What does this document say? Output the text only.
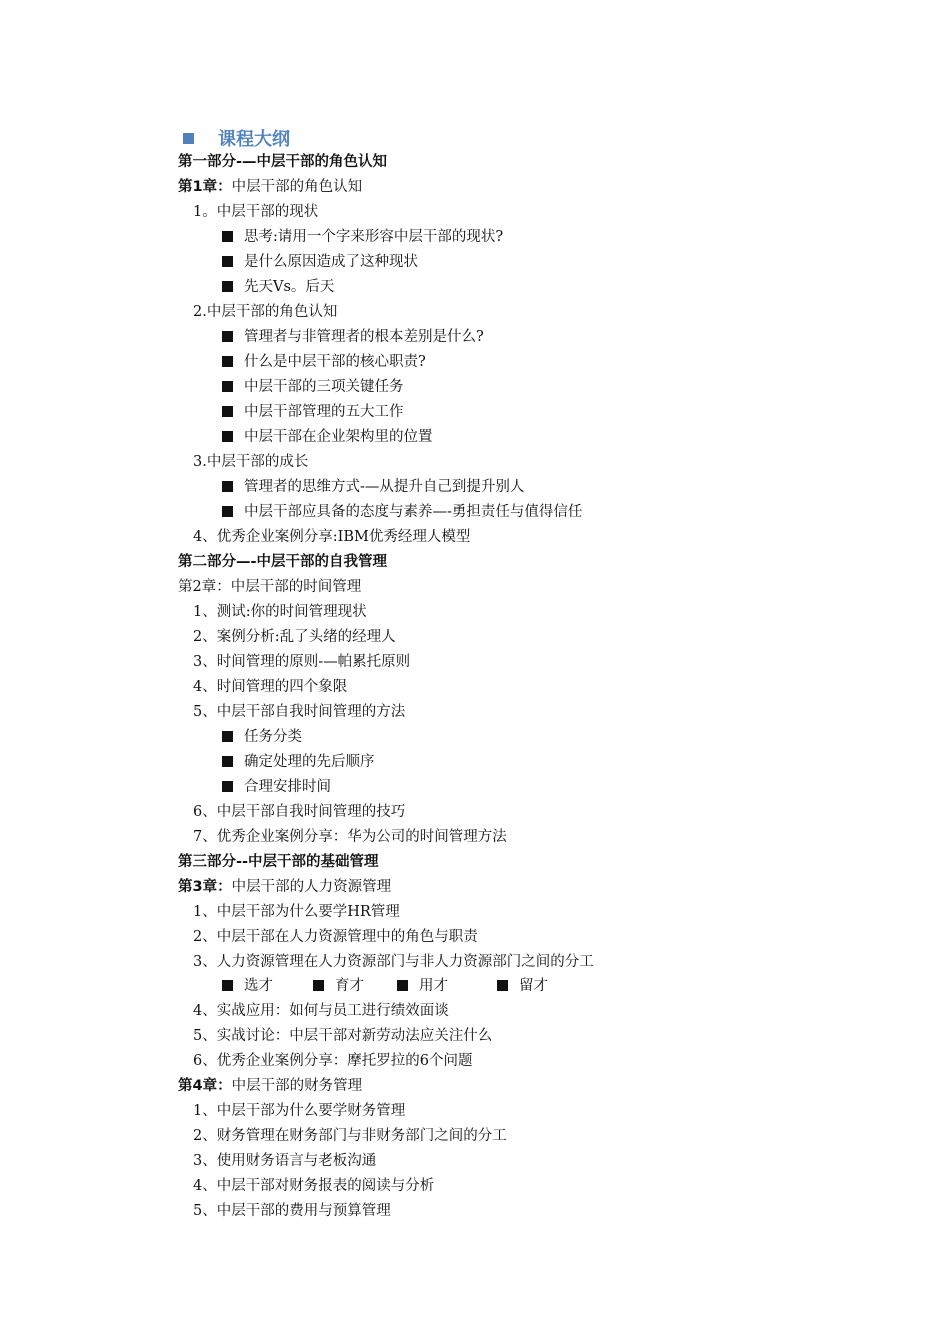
课程大纲
第一部分-—中层干部的角色认知
第1章：中层干部的角色认知
1。中层干部的现状
思考:请用一个字来形容中层干部的现状?
是什么原因造成了这种现状
先天Vs。后天
2.中层干部的角色认知
管理者与非管理者的根本差别是什么?
什么是中层干部的核心职责?
中层干部的三项关键任务
中层干部管理的五大工作
中层干部在企业架构里的位置
3.中层干部的成长
管理者的思维方式-—从提升自己到提升别人
中层干部应具备的态度与素养—-勇担责任与值得信任
4、优秀企业案例分享:IBM优秀经理人模型
第二部分—-中层干部的自我管理
第2章：中层干部的时间管理
1、测试:你的时间管理现状
2、案例分析:乱了头绪的经理人
3、时间管理的原则-—帕累托原则
4、时间管理的四个象限
5、中层干部自我时间管理的方法
任务分类
确定处理的先后顺序
合理安排时间
6、中层干部自我时间管理的技巧
7、优秀企业案例分享：华为公司的时间管理方法
第三部分--中层干部的基础管理
第3章：中层干部的人力资源管理
1、中层干部为什么要学HR管理
2、中层干部在人力资源管理中的角色与职责
3、人力资源管理在人力资源部门与非人力资源部门之间的分工
选才	育才	用才	留才
4、实战应用：如何与员工进行绩效面谈
5、实战讨论：中层干部对新劳动法应关注什么
6、优秀企业案例分享：摩托罗拉的6个问题
第4章：中层干部的财务管理
1、中层干部为什么要学财务管理
2、财务管理在财务部门与非财务部门之间的分工
3、使用财务语言与老板沟通
4、中层干部对财务报表的阅读与分析
5、中层干部的费用与预算管理
